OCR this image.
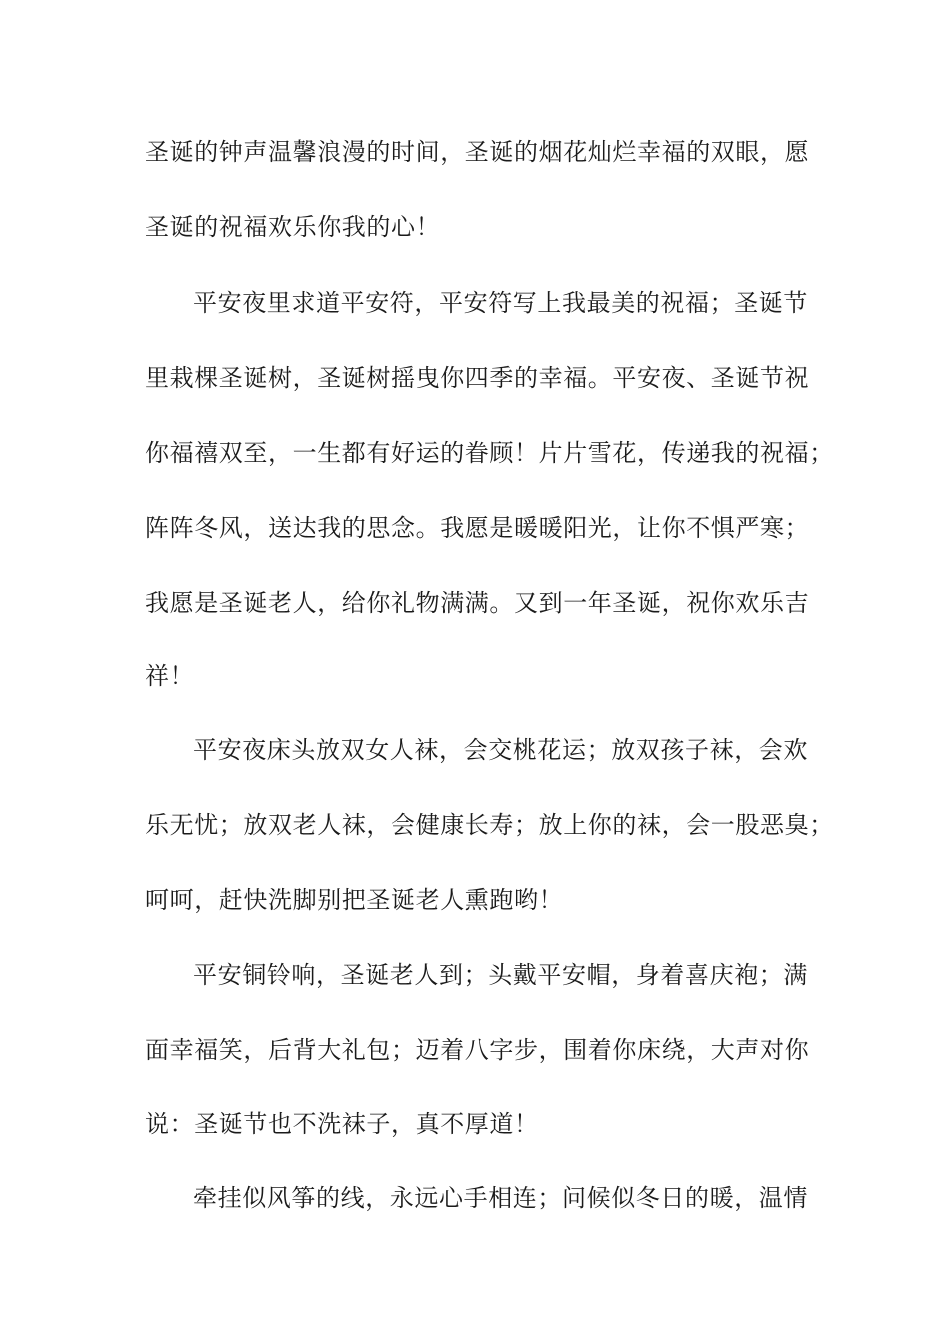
圣诞的钟声温馨浪漫的时间，圣诞的烟花灿烂幸福的双眼，愿
圣诞的祝福欢乐你我的心！
平安夜里求道平安符，平安符写上我最美的祝福；圣诞节
里栽棵圣诞树，圣诞树摇曳你四季的幸福。平安夜、圣诞节祝
你福禧双至，一生都有好运的眷顾！片片雪花，传递我的祝福；
阵阵冬风，送达我的思念。我愿是暖暖阳光，让你不惧严寒；
我愿是圣诞老人，给你礼物满满。又到一年圣诞，祝你欢乐吉
祥！
平安夜床头放双女人袜，会交桃花运；放双孩子袜，会欢
乐无忧；放双老人袜，会健康长寿；放上你的袜，会一股恶臭；
呵呵，赶快洗脚别把圣诞老人熏跑哟！
平安铜铃响，圣诞老人到；头戴平安帽，身着喜庆袍；满
面幸福笑，后背大礼包；迈着八字步，围着你床绕，大声对你
说：圣诞节也不洗袜子，真不厚道！
牵挂似风筝的线，永远心手相连；问候似冬日的暖，温情
